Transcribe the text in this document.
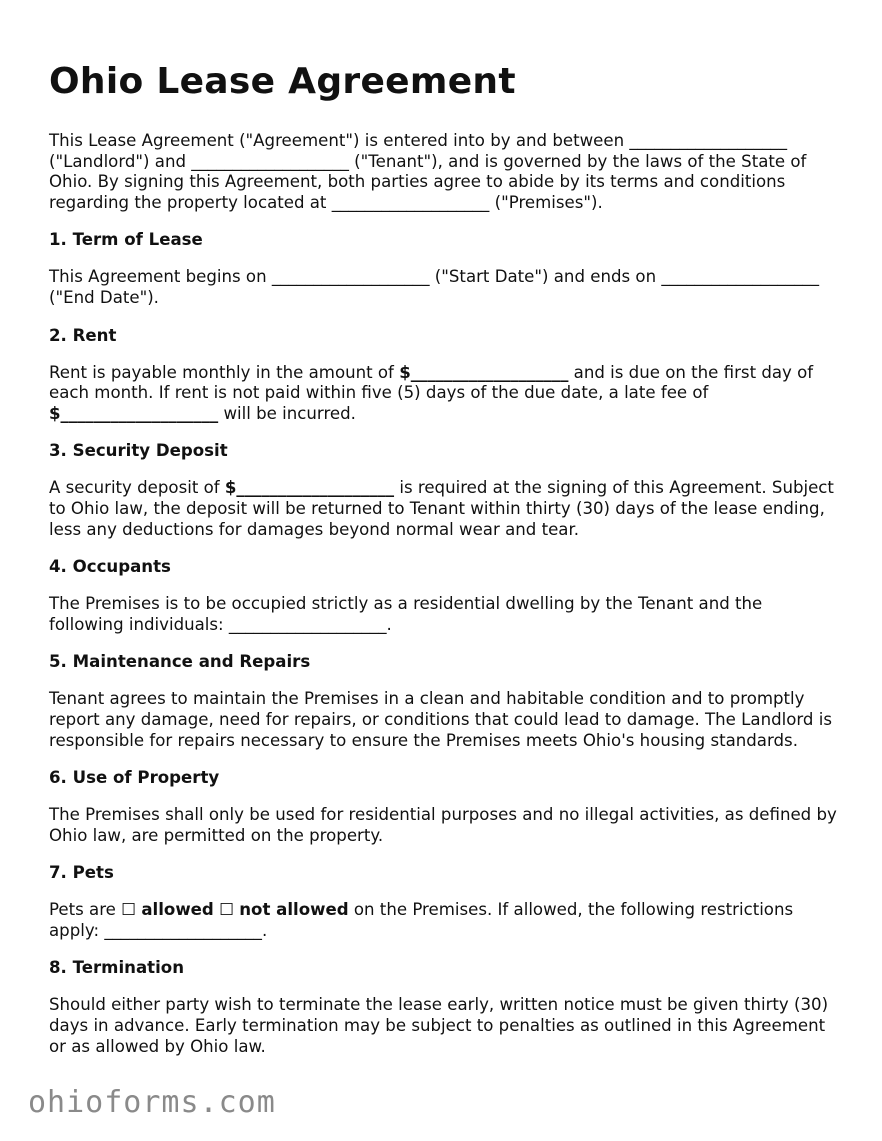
Ohio Lease Agreement

This Lease Agreement ("Agreement") is entered into by and between ___________________ ("Landlord") and ___________________ ("Tenant"), and is governed by the laws of the State of Ohio. By signing this Agreement, both parties agree to abide by its terms and conditions regarding the property located at ___________________ ("Premises").

1. Term of Lease

This Agreement begins on ___________________ ("Start Date") and ends on ___________________ ("End Date").

2. Rent

Rent is payable monthly in the amount of $___________________ and is due on the first day of each month. If rent is not paid within five (5) days of the due date, a late fee of $___________________ will be incurred.

3. Security Deposit

A security deposit of $___________________ is required at the signing of this Agreement. Subject to Ohio law, the deposit will be returned to Tenant within thirty (30) days of the lease ending, less any deductions for damages beyond normal wear and tear.

4. Occupants

The Premises is to be occupied strictly as a residential dwelling by the Tenant and the following individuals: ___________________.

5. Maintenance and Repairs

Tenant agrees to maintain the Premises in a clean and habitable condition and to promptly report any damage, need for repairs, or conditions that could lead to damage. The Landlord is responsible for repairs necessary to ensure the Premises meets Ohio's housing standards.

6. Use of Property

The Premises shall only be used for residential purposes and no illegal activities, as defined by Ohio law, are permitted on the property.

7. Pets

Pets are ☐ allowed ☐ not allowed on the Premises. If allowed, the following restrictions apply: ___________________.

8. Termination

Should either party wish to terminate the lease early, written notice must be given thirty (30) days in advance. Early termination may be subject to penalties as outlined in this Agreement or as allowed by Ohio law.

ohioforms.com
